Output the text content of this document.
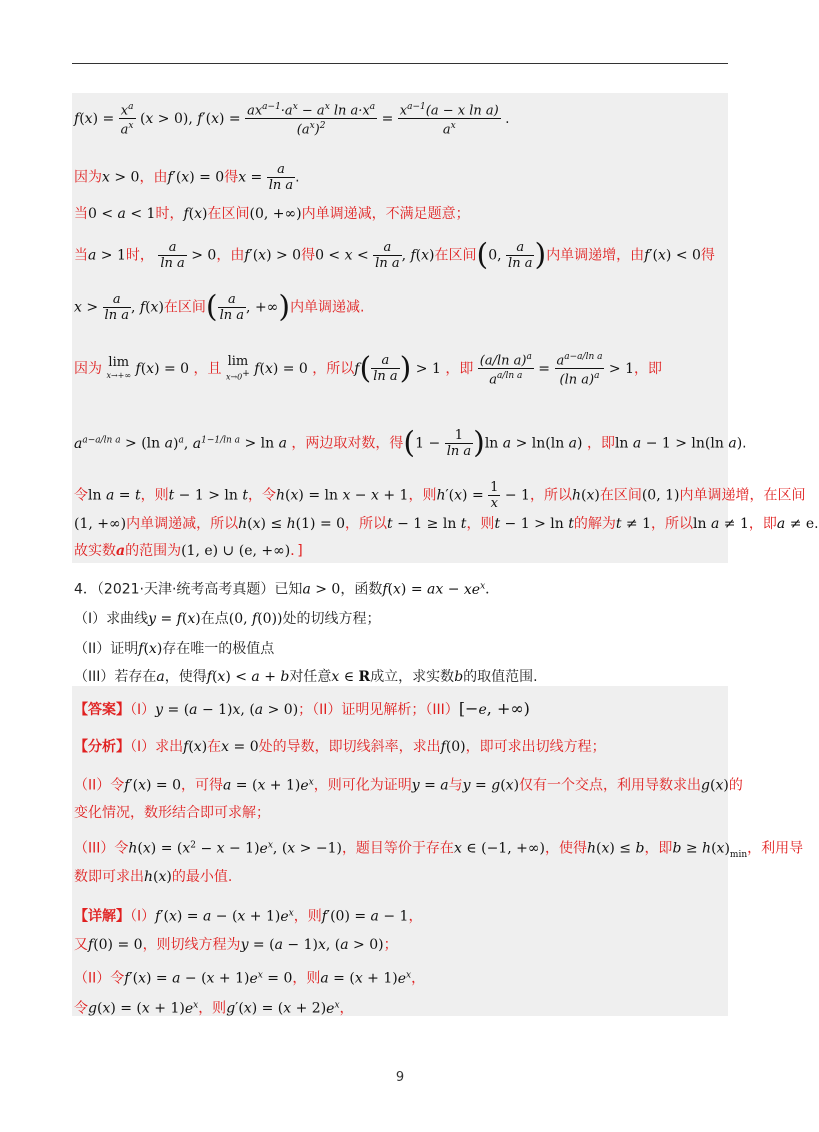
$f(x) = \frac{x^a}{a^x} (x > 0)$, $f'(x) = \frac{ax^{a-1}\cdot a^x - a^x \ln a\cdot x^a}{(a^x)^2} = \frac{x^{a-1}(a - x \ln a)}{a^x}$ .
因为x > 0，由f′(x) = 0得$x = \frac{a}{\text{ln a}}$ .
当0 < a < 1时，f(x)在区间(0, +∞)内单调递减，不满足题意；
当a > 1时， $\frac{a}{\text{ln a}} > 0$，由f′(x) > 0得$0 < x < \frac{a}{\text{ln a}}$ , f(x)在区间(0, $\frac{a}{\text{ln a}}$ )内单调递增，由f′(x) < 0得
$x > \frac{a}{\text{ln a}}$ , f(x)在区间( $\frac{a}{\text{ln a}}$ , +∞)内单调递减.
因为 lim
x→+∞ f(x) = 0 ，且 lim
x→0+ f(x) = 0 ，所以$f( \frac{a}{\text{ln a}}$ ) > 1 ，即 $\frac{(a/\ln a)^a}{a^{a/ln a}} = \frac{a^{a-a/ln a}}{(\ln a)^a} > 1$，即
$a^{a-a/ln a} > (\ln$ a)$^a$, $a^{1-1/ln a} > \ln a$ ，两边取对数，得$(1 - \frac{1}{\text{ln a}} )\ln$ a > ln(ln a) ，即ln a − 1 > ln(ln a).
令ln a = t，则t − 1 > ln t，令h(x) = ln x − x + 1，则$h'(x) = \frac{1}{x} - 1$，所以h(x)在区间(0, 1)内单调递增，在区间
(1, +∞)内单调递减，所以h(x) ≤ h(1) = 0，所以t − 1 ≥ ln t，则t − 1 > ln t的解为t ≠ 1，所以ln a ≠ 1，即a ≠ e.
故实数a的范围为(1, e) ∪ (e, +∞)．]
4．（2021·天津·统考高考真题）已知a > 0，函数f(x) = ax − $xe^x$．
（I）求曲线y = f(x)在点(0, f(0))处的切线方程；
（II）证明f(x)存在唯一的极值点
（III）若存在a，使得f(x) < a + b对任意x ∈ R成立，求实数b的取值范围.
【答案】（I）y = (a − 1)x, (a > 0)；（II）证明见解析；（III）[−e, +∞)
【分析】（I）求出f(x)在x = 0处的导数，即切线斜率，求出f(0)，即可求出切线方程；
（II）令f′(x) = 0，可得$a = (x + 1)e^x$，则可化为证明y = a与y = g(x)仅有一个交点，利用导数求出g(x)的
变化情况，数形结合即可求解；
（III）令$h(x) = (x^2 - x - 1)e^x$, (x > −1)，题目等价于存在x ∈ (−1, +∞)，使得h(x) ≤ b，即$b \ge h(x)_{min}$，利用导
数即可求出h(x)的最小值.
【详解】$(I)f'(x) = a - (x + 1)e^x$，则f′(0) = a − 1，
又f(0) = 0，则切线方程为y = (a − 1)x, (a > 0)；
（II）令$f'(x) = a - (x + 1)e^x = 0$，则$a = (x + 1)e^x$，
令$g(x) = (x + 1)e^x$，则$g'(x) = (x + 2)e^x$，
9
